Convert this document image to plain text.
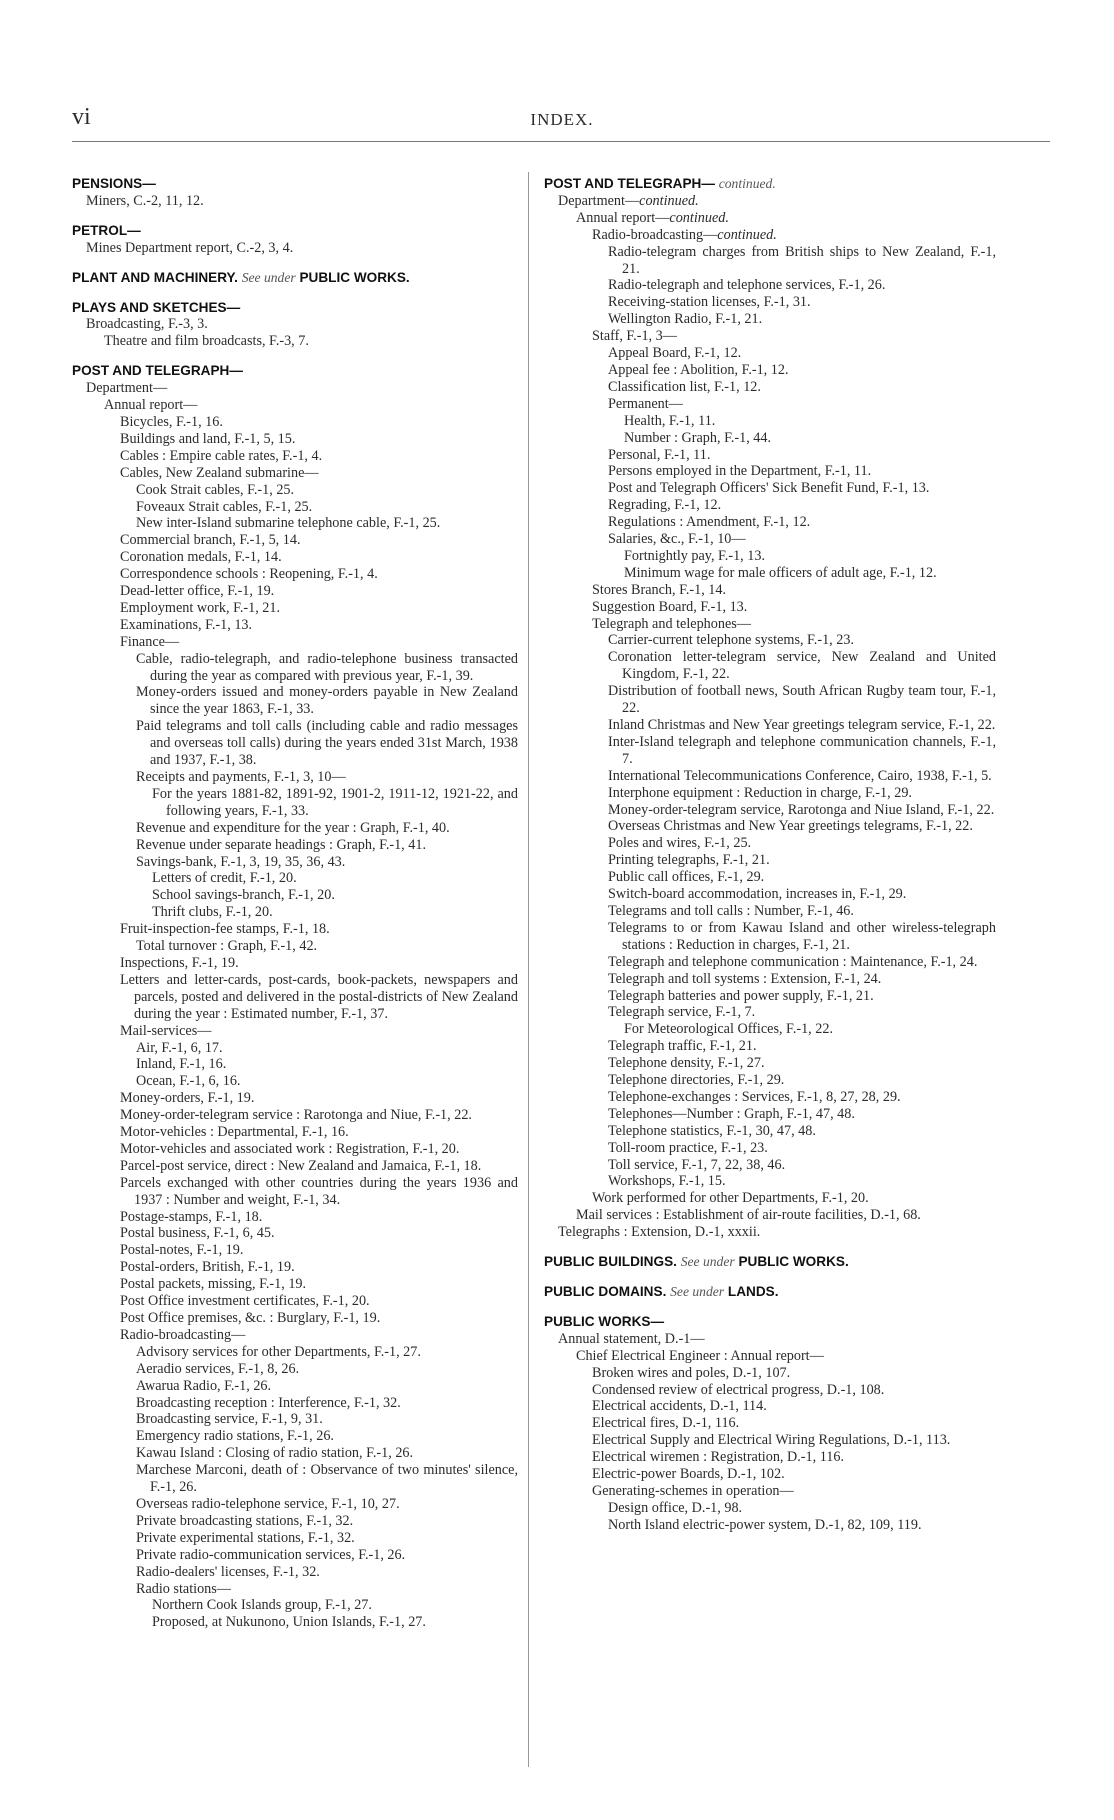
vi	INDEX.
PENSIONS—
Miners, C.-2, 11, 12.
PETROL—
Mines Department report, C.-2, 3, 4.
PLANT AND MACHINERY. See under PUBLIC WORKS.
PLAYS AND SKETCHES—
Broadcasting, F.-3, 3.
Theatre and film broadcasts, F.-3, 7.
POST AND TELEGRAPH—
Department—
Annual report—
Bicycles, F.-1, 16.
Buildings and land, F.-1, 5, 15.
Cables : Empire cable rates, F.-1, 4.
Cables, New Zealand submarine—
Cook Strait cables, F.-1, 25.
Foveaux Strait cables, F.-1, 25.
New inter-Island submarine telephone cable, F.-1, 25.
Commercial branch, F.-1, 5, 14.
Coronation medals, F.-1, 14.
Correspondence schools : Reopening, F.-1, 4.
Dead-letter office, F.-1, 19.
Employment work, F.-1, 21.
Examinations, F.-1, 13.
Finance—
Cable, radio-telegraph, and radio-telephone business transacted during the year as compared with previous year, F.-1, 39.
Money-orders issued and money-orders payable in New Zealand since the year 1863, F.-1, 33.
Paid telegrams and toll calls (including cable and radio messages and overseas toll calls) during the years ended 31st March, 1938 and 1937, F.-1, 38.
Receipts and payments, F.-1, 3, 10—
For the years 1881-82, 1891-92, 1901-2, 1911-12, 1921-22, and following years, F.-1, 33.
Revenue and expenditure for the year : Graph, F.-1, 40.
Revenue under separate headings : Graph, F.-1, 41.
Savings-bank, F.-1, 3, 19, 35, 36, 43.
Letters of credit, F.-1, 20.
School savings-branch, F.-1, 20.
Thrift clubs, F.-1, 20.
Fruit-inspection-fee stamps, F.-1, 18.
Total turnover : Graph, F.-1, 42.
Inspections, F.-1, 19.
Letters and letter-cards, post-cards, book-packets, newspapers and parcels, posted and delivered in the postal-districts of New Zealand during the year : Estimated number, F.-1, 37.
Mail-services—
Air, F.-1, 6, 17.
Inland, F.-1, 16.
Ocean, F.-1, 6, 16.
Money-orders, F.-1, 19.
Money-order-telegram service : Rarotonga and Niue, F.-1, 22.
Motor-vehicles : Departmental, F.-1, 16.
Motor-vehicles and associated work : Registration, F.-1, 20.
Parcel-post service, direct : New Zealand and Jamaica, F.-1, 18.
Parcels exchanged with other countries during the years 1936 and 1937 : Number and weight, F.-1, 34.
Postage-stamps, F.-1, 18.
Postal business, F.-1, 6, 45.
Postal-notes, F.-1, 19.
Postal-orders, British, F.-1, 19.
Postal packets, missing, F.-1, 19.
Post Office investment certificates, F.-1, 20.
Post Office premises, &c. : Burglary, F.-1, 19.
Radio-broadcasting—
Advisory services for other Departments, F.-1, 27.
Aeradio services, F.-1, 8, 26.
Awarua Radio, F.-1, 26.
Broadcasting reception : Interference, F.-1, 32.
Broadcasting service, F.-1, 9, 31.
Emergency radio stations, F.-1, 26.
Kawau Island : Closing of radio station, F.-1, 26.
Marchese Marconi, death of : Observance of two minutes' silence, F.-1, 26.
Overseas radio-telephone service, F.-1, 10, 27.
Private broadcasting stations, F.-1, 32.
Private experimental stations, F.-1, 32.
Private radio-communication services, F.-1, 26.
Radio-dealers' licenses, F.-1, 32.
Radio stations—
Northern Cook Islands group, F.-1, 27.
Proposed, at Nukunono, Union Islands, F.-1, 27.
POST AND TELEGRAPH— continued.
Department—continued.
Annual report—continued.
Radio-broadcasting—continued.
Radio-telegram charges from British ships to New Zealand, F.-1, 21.
Radio-telegraph and telephone services, F.-1, 26.
Receiving-station licenses, F.-1, 31.
Wellington Radio, F.-1, 21.
Staff, F.-1, 3—
Appeal Board, F.-1, 12.
Appeal fee : Abolition, F.-1, 12.
Classification list, F.-1, 12.
Permanent—
Health, F.-1, 11.
Number : Graph, F.-1, 44.
Personal, F.-1, 11.
Persons employed in the Department, F.-1, 11.
Post and Telegraph Officers' Sick Benefit Fund, F.-1, 13.
Regrading, F.-1, 12.
Regulations : Amendment, F.-1, 12.
Salaries, &c., F.-1, 10—
Fortnightly pay, F.-1, 13.
Minimum wage for male officers of adult age, F.-1, 12.
Stores Branch, F.-1, 14.
Suggestion Board, F.-1, 13.
Telegraph and telephones—
Carrier-current telephone systems, F.-1, 23.
Coronation letter-telegram service, New Zealand and United Kingdom, F.-1, 22.
Distribution of football news, South African Rugby team tour, F.-1, 22.
Inland Christmas and New Year greetings telegram service, F.-1, 22.
Inter-Island telegraph and telephone communication channels, F.-1, 7.
International Telecommunications Conference, Cairo, 1938, F.-1, 5.
Interphone equipment : Reduction in charge, F.-1, 29.
Money-order-telegram service, Rarotonga and Niue Island, F.-1, 22.
Overseas Christmas and New Year greetings telegrams, F.-1, 22.
Poles and wires, F.-1, 25.
Printing telegraphs, F.-1, 21.
Public call offices, F.-1, 29.
Switch-board accommodation, increases in, F.-1, 29.
Telegrams and toll calls : Number, F.-1, 46.
Telegrams to or from Kawau Island and other wireless-telegraph stations : Reduction in charges, F.-1, 21.
Telegraph and telephone communication : Maintenance, F.-1, 24.
Telegraph and toll systems : Extension, F.-1, 24.
Telegraph batteries and power supply, F.-1, 21.
Telegraph service, F.-1, 7.
For Meteorological Offices, F.-1, 22.
Telegraph traffic, F.-1, 21.
Telephone density, F.-1, 27.
Telephone directories, F.-1, 29.
Telephone-exchanges : Services, F.-1, 8, 27, 28, 29.
Telephones—Number : Graph, F.-1, 47, 48.
Telephone statistics, F.-1, 30, 47, 48.
Toll-room practice, F.-1, 23.
Toll service, F.-1, 7, 22, 38, 46.
Workshops, F.-1, 15.
Work performed for other Departments, F.-1, 20.
Mail services : Establishment of air-route facilities, D.-1, 68.
Telegraphs : Extension, D.-1, xxxii.
PUBLIC BUILDINGS. See under PUBLIC WORKS.
PUBLIC DOMAINS. See under LANDS.
PUBLIC WORKS—
Annual statement, D.-1—
Chief Electrical Engineer : Annual report—
Broken wires and poles, D.-1, 107.
Condensed review of electrical progress, D.-1, 108.
Electrical accidents, D.-1, 114.
Electrical fires, D.-1, 116.
Electrical Supply and Electrical Wiring Regulations, D.-1, 113.
Electrical wiremen : Registration, D.-1, 116.
Electric-power Boards, D.-1, 102.
Generating-schemes in operation—
Design office, D.-1, 98.
North Island electric-power system, D.-1, 82, 109, 119.
